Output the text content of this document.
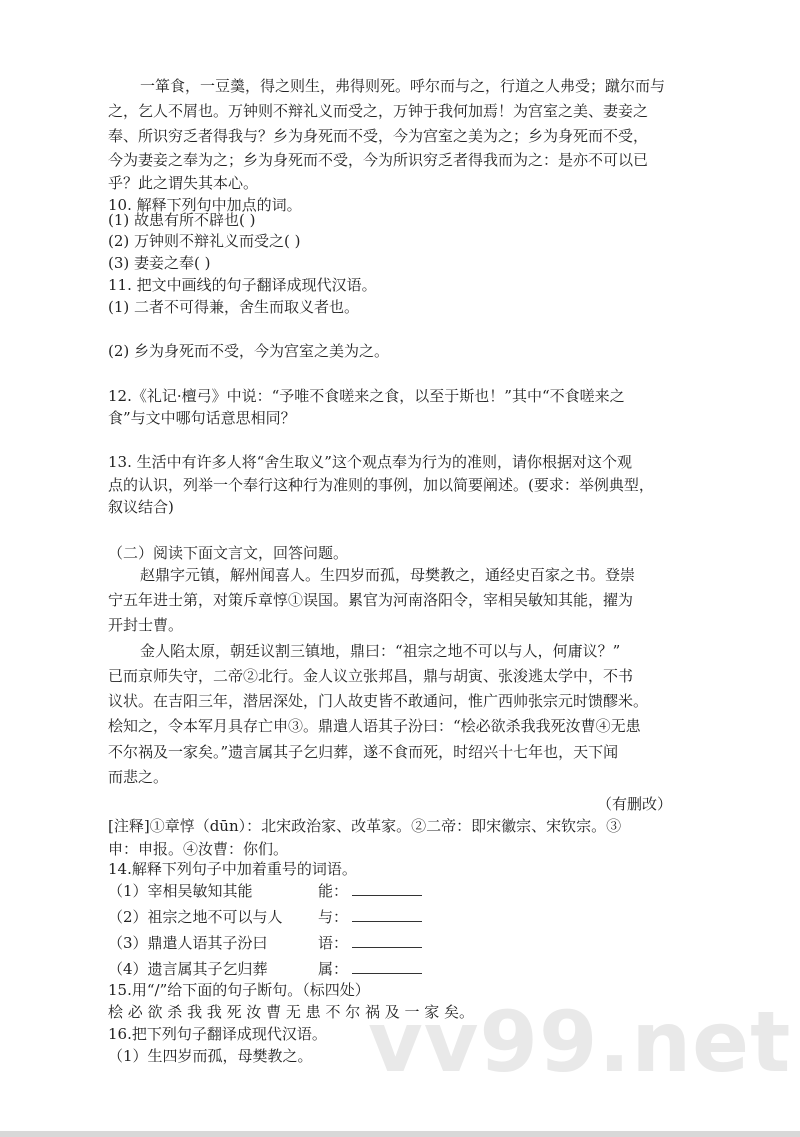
一箪食，一豆羹，得之则生，弗得则死。呼尔而与之，行道之人弗受；蹴尔而与
之，乞人不屑也。万钟则不辩礼义而受之，万钟于我何加焉！为宫室之美、妻妾之
奉、所识穷乏者得我与？乡为身死而不受，今为宫室之美为之；乡为身死而不受，
今为妻妾之奉为之；乡为身死而不受，今为所识穷乏者得我而为之：是亦不可以已
乎？此之谓失其本心。
10. 解释下列句中加点的词。
(1) 故患有所不辟也( )
(2) 万钟则不辩礼义而受之( )
(3) 妻妾之奉( )
11. 把文中画线的句子翻译成现代汉语。
(1) 二者不可得兼，舍生而取义者也。
(2) 乡为身死而不受，今为宫室之美为之。
12.《礼记·檀弓》中说：“予唯不食嗟来之食，以至于斯也！”其中“不食嗟来之
食”与文中哪句话意思相同？
13. 生活中有许多人将“舍生取义”这个观点奉为行为的准则，请你根据对这个观
点的认识，列举一个奉行这种行为准则的事例，加以简要阐述。(要求：举例典型，
叙议结合)
（二）阅读下面文言文，回答问题。
赵鼎字元镇，解州闻喜人。生四岁而孤，母樊教之，通经史百家之书。登崇
宁五年进士第，对策斥章惇①误国。累官为河南洛阳令，宰相吴敏知其能，擢为
开封士曹。
金人陷太原，朝廷议割三镇地，鼎曰：“祖宗之地不可以与人，何庸议？”
已而京师失守，二帝②北行。金人议立张邦昌，鼎与胡寅、张浚逃太学中，不书
议状。在吉阳三年，潜居深处，门人故吏皆不敢通问，惟广西帅张宗元时馈醪米。
桧知之，令本军月具存亡申③。鼎遣人语其子汾曰：“桧必欲杀我我死汝曹④无患
不尔祸及一家矣。”遗言属其子乞归葬，遂不食而死，时绍兴十七年也，天下闻
而悲之。
（有删改）
[注释]①章惇（dūn）：北宋政治家、改革家。②二帝：即宋徽宗、宋钦宗。③
申：申报。④汝曹：你们。
14.解释下列句子中加着重号的词语。
（1）宰相吴敏知其能	能：
（2）祖宗之地不可以与人 与：
（3）鼎遣人语其子汾曰	语：
（4）遗言属其子乞归葬	属：
15.用“/”给下面的句子断句。（标四处）
桧 必 欲 杀 我 我 死 汝 曹 无 患 不 尔 祸 及 一 家 矣。
16.把下列句子翻译成现代汉语。
（1）生四岁而孤，母樊教之。 vv99.net
